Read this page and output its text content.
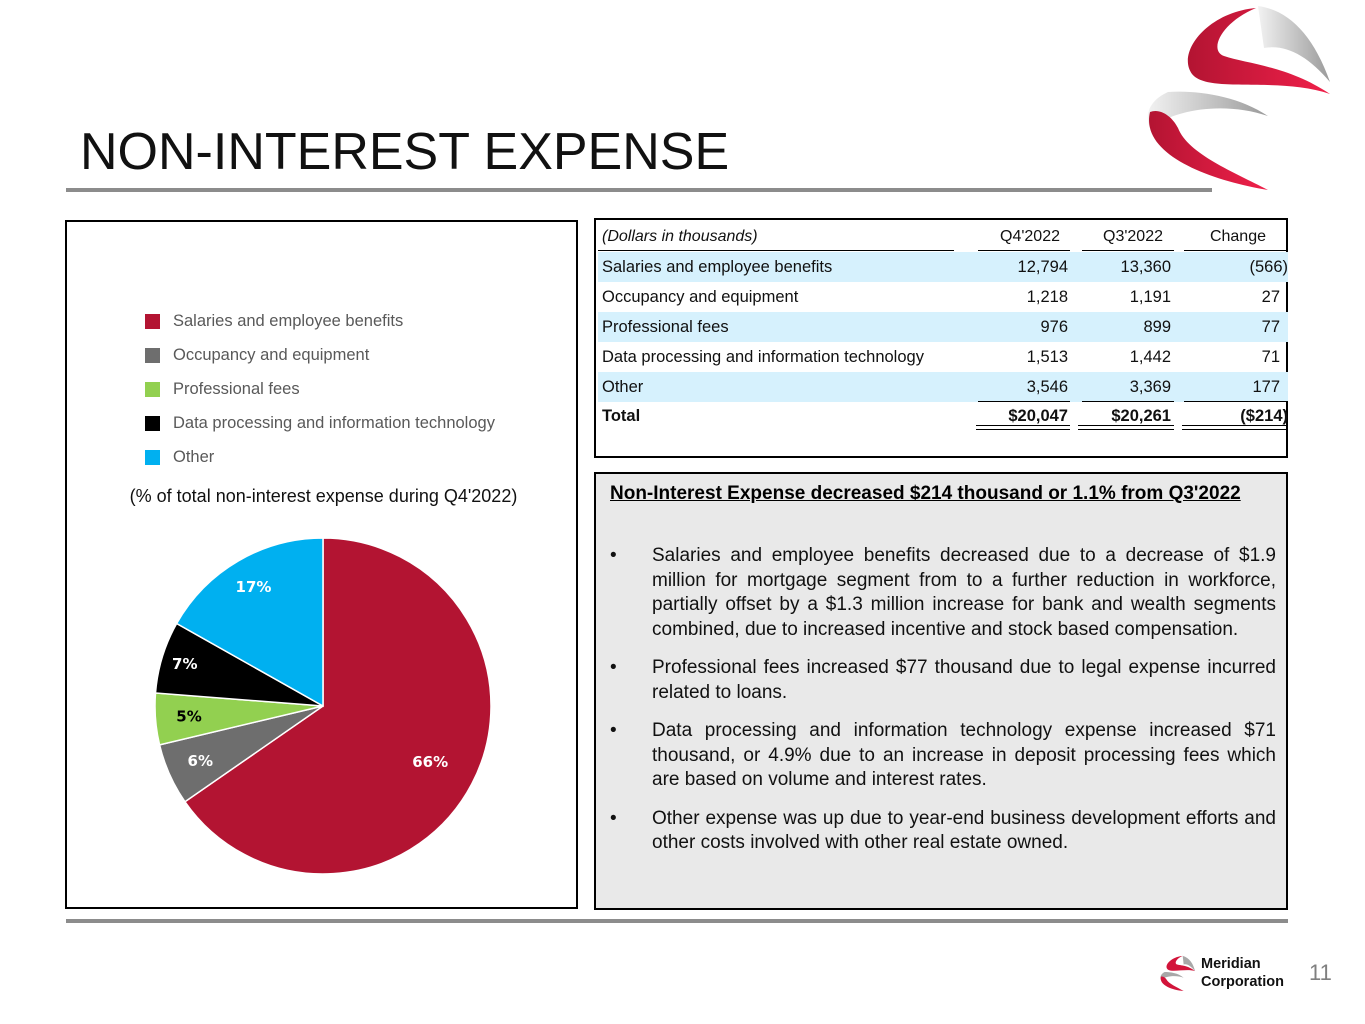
NON-INTEREST EXPENSE
Salaries and employee benefits
Occupancy and equipment
Professional fees
Data processing and information technology
Other
(% of total non-interest expense during Q4'2022)
66%
6%
5%
7%
17%
(Dollars in thousands)	Q4'2022	Q3'2022	Change
Salaries and employee benefits	12,794	13,360	(566)
Occupancy and equipment	1,218	1,191	27
Professional fees	976	899	77
Data processing and information technology	1,513	1,442	71
Other	3,546	3,369	177
Total	$20,047	$20,261	($214)
Non-Interest Expense decreased $214 thousand or 1.1% from Q3'2022
•	Salaries and employee benefits decreased due to a decrease of $1.9 million for mortgage segment from to a further reduction in workforce, partially offset by a $1.3 million increase for bank and wealth segments combined, due to increased incentive and stock based compensation.
•	Professional fees increased $77 thousand due to legal expense incurred related to loans.
•	Data processing and information technology expense increased $71 thousand, or 4.9% due to an increase in deposit processing fees which are based on volume and interest rates.
•	Other expense was up due to year-end business development efforts and other costs involved with other real estate owned.
Meridian
Corporation 11
